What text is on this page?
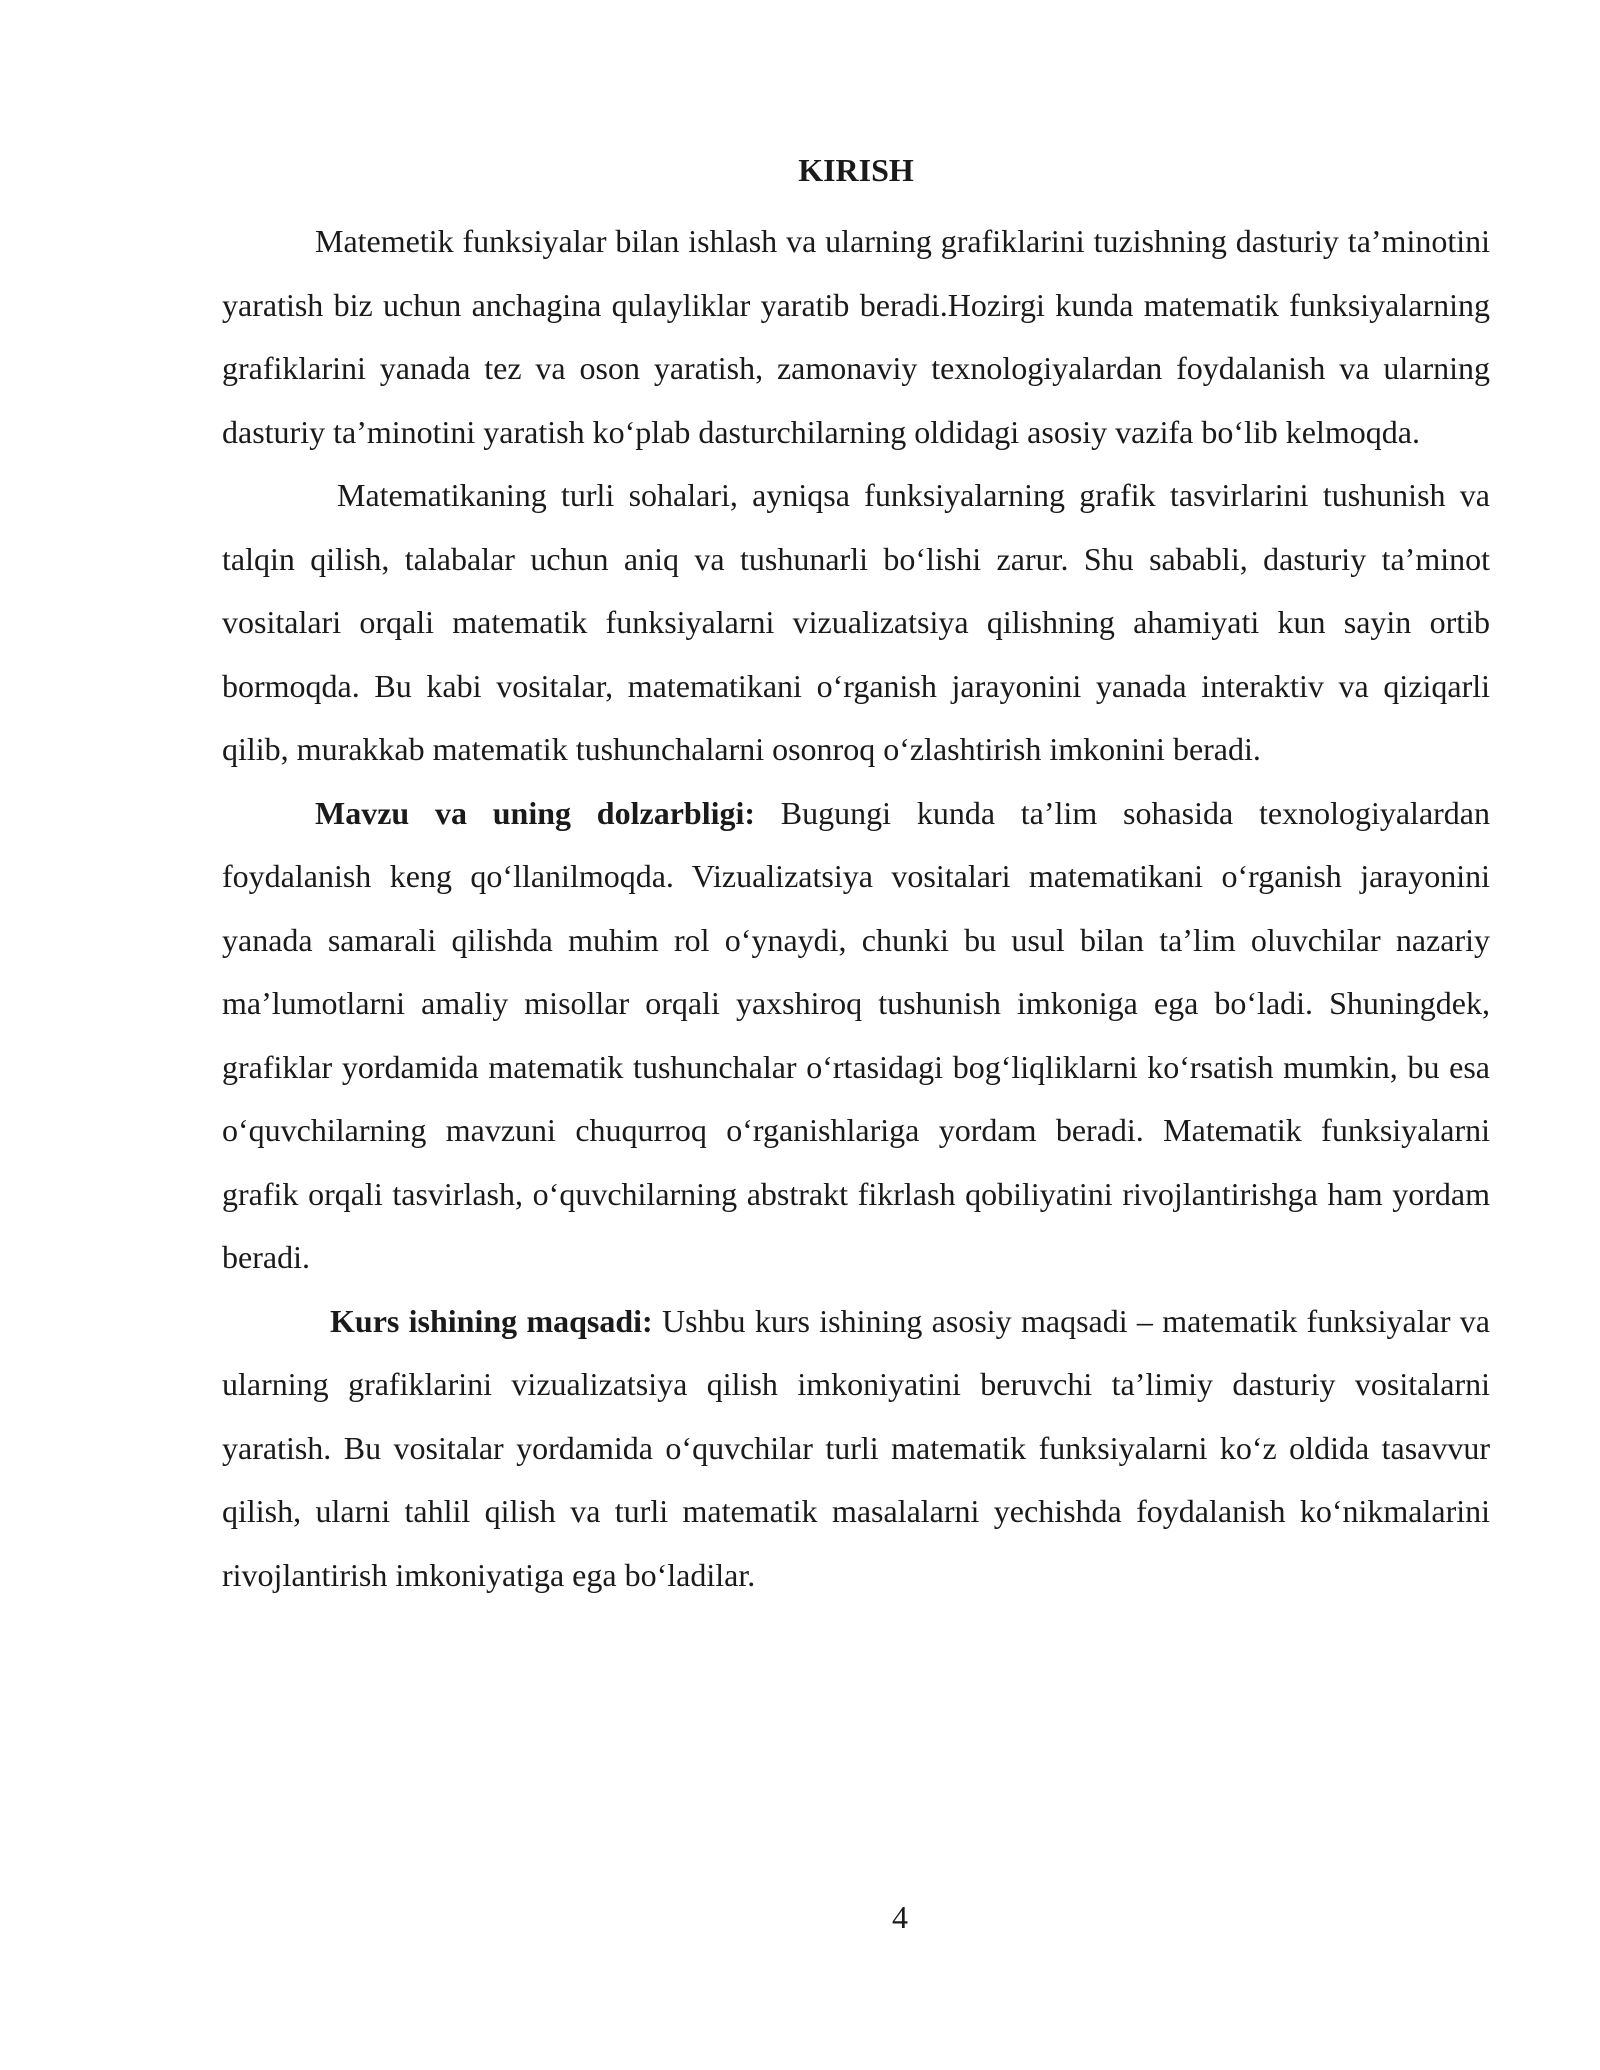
KIRISH

Matemetik funksiyalar bilan ishlash va ularning grafiklarini tuzishning dasturiy ta’minotini yaratish biz uchun anchagina qulayliklar yaratib beradi.Hozirgi kunda matematik funksiyalarning grafiklarini yanada tez va oson yaratish, zamonaviy texnologiyalardan foydalanish va ularning dasturiy ta’minotini yaratish ko‘plab dasturchilarning oldidagi asosiy vazifa bo‘lib kelmoqda.

Matematikaning turli sohalari, ayniqsa funksiyalarning grafik tasvirlarini tushunish va talqin qilish, talabalar uchun aniq va tushunarli bo‘lishi zarur. Shu sababli, dasturiy ta’minot vositalari orqali matematik funksiyalarni vizualizatsiya qilishning ahamiyati kun sayin ortib bormoqda. Bu kabi vositalar, matematikani o‘rganish jarayonini yanada interaktiv va qiziqarli qilib, murakkab matematik tushunchalarni osonroq o‘zlashtirish imkonini beradi.

Mavzu va uning dolzarbligi: Bugungi kunda ta’lim sohasida texnologiyalardan foydalanish keng qo‘llanilmoqda. Vizualizatsiya vositalari matematikani o‘rganish jarayonini yanada samarali qilishda muhim rol o‘ynaydi, chunki bu usul bilan ta’lim oluvchilar nazariy ma’lumotlarni amaliy misollar orqali yaxshiroq tushunish imkoniga ega bo‘ladi. Shuningdek, grafiklar yordamida matematik tushunchalar o‘rtasidagi bog‘liqliklarni ko‘rsatish mumkin, bu esa o‘quvchilarning mavzuni chuqurroq o‘rganishlariga yordam beradi. Matematik funksiyalarni grafik orqali tasvirlash, o‘quvchilarning abstrakt fikrlash qobiliyatini rivojlantirishga ham yordam beradi.

Kurs ishining maqsadi: Ushbu kurs ishining asosiy maqsadi – matematik funksiyalar va ularning grafiklarini vizualizatsiya qilish imkoniyatini beruvchi ta’limiy dasturiy vositalarni yaratish. Bu vositalar yordamida o‘quvchilar turli matematik funksiyalarni ko‘z oldida tasavvur qilish, ularni tahlil qilish va turli matematik masalalarni yechishda foydalanish ko‘nikmalarini rivojlantirish imkoniyatiga ega bo‘ladilar.

4
